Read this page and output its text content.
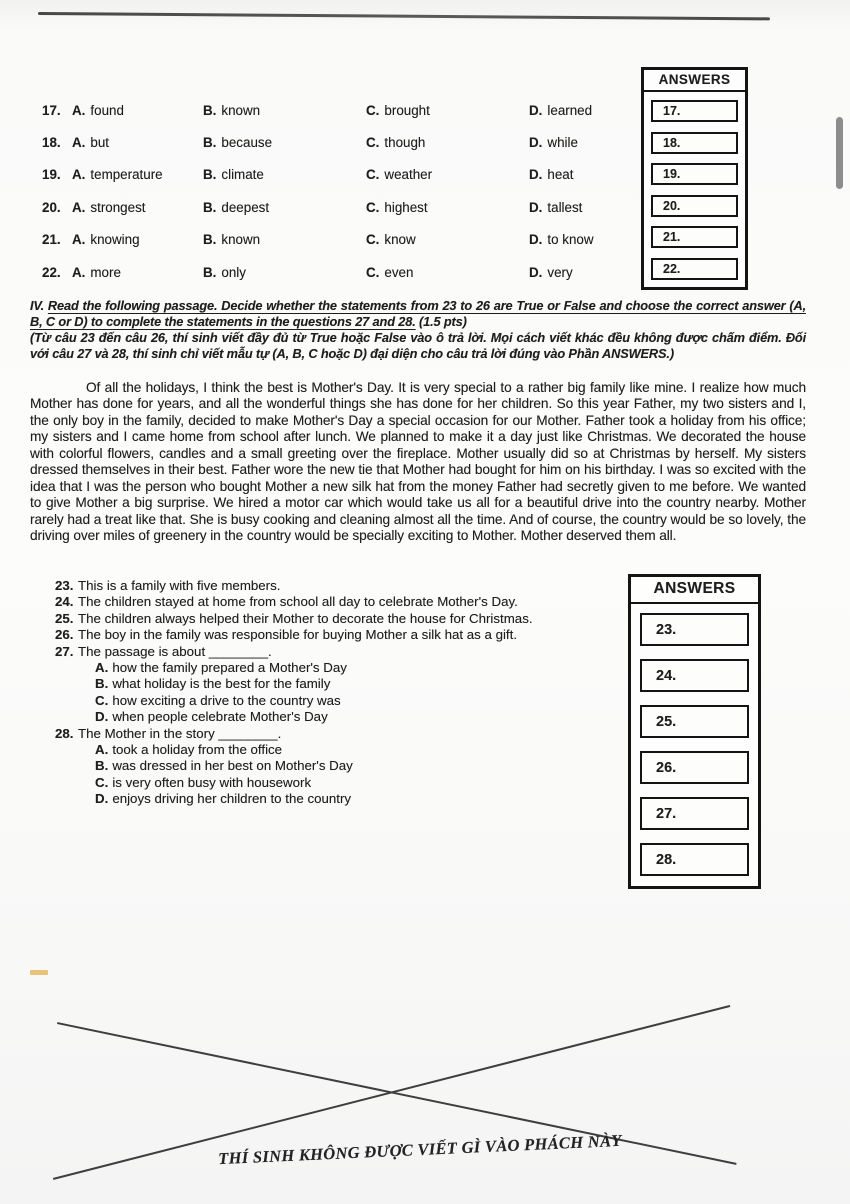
17. A. found	B. known	C. brought	D. learned
18. A. but	B. because	C. though	D. while
19. A. temperature	B. climate	C. weather	D. heat
20. A. strongest	B. deepest	C. highest	D. tallest
21. A. knowing	B. known	C. know	D. to know
22. A. more	B. only	C. even	D. very
ANSWERS
17.
18.
19.
20.
21.
22.

IV. Read the following passage. Decide whether the statements from 23 to 26 are True or False and choose the correct answer (A, B, C or D) to complete the statements in the questions 27 and 28. (1.5 pts)

(Từ câu 23 đến câu 26, thí sinh viết đầy đủ từ True hoặc False vào ô trả lời. Mọi cách viết khác đều không được chấm điểm. Đối với câu 27 và 28, thí sinh chỉ viết mẫu tự (A, B, C hoặc D) đại diện cho câu trả lời đúng vào Phần ANSWERS.)

Of all the holidays, I think the best is Mother's Day. It is very special to a rather big family like mine. I realize how much Mother has done for years, and all the wonderful things she has done for her children. So this year Father, my two sisters and I, the only boy in the family, decided to make Mother's Day a special occasion for our Mother. Father took a holiday from his office; my sisters and I came home from school after lunch. We planned to make it a day just like Christmas. We decorated the house with colorful flowers, candles and a small greeting over the fireplace. Mother usually did so at Christmas by herself. My sisters dressed themselves in their best. Father wore the new tie that Mother had bought for him on his birthday. I was so excited with the idea that I was the person who bought Mother a new silk hat from the money Father had secretly given to me before. We wanted to give Mother a big surprise. We hired a motor car which would take us all for a beautiful drive into the country nearby. Mother rarely had a treat like that. She is busy cooking and cleaning almost all the time. And of course, the country would be so lovely, the driving over miles of greenery in the country would be specially exciting to Mother. Mother deserved them all.
23. This is a family with five members.
24. The children stayed at home from school all day to celebrate Mother's Day.
25. The children always helped their Mother to decorate the house for Christmas.
26. The boy in the family was responsible for buying Mother a silk hat as a gift.
27. The passage is about ________.
A. how the family prepared a Mother's Day
B. what holiday is the best for the family
C. how exciting a drive to the country was
D. when people celebrate Mother's Day
28. The Mother in the story ________.
A. took a holiday from the office
B. was dressed in her best on Mother's Day
C. is very often busy with housework
D. enjoys driving her children to the country
ANSWERS
23.
24.
25.
26.
27.
28.
THÍ SINH KHÔNG ĐƯỢC VIẾT GÌ VÀO PHÁCH NÀY
